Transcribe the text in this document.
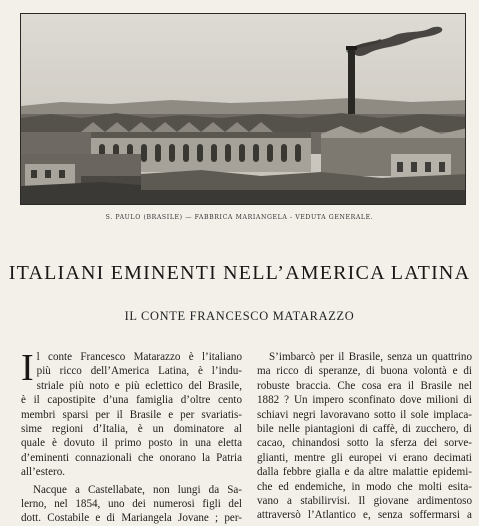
S. PAULO (BRASILE) — FABBRICA MARIANGELA - VEDUTA GENERALE.
ITALIANI EMINENTI NELL’AMERICA LATINA
IL CONTE FRANCESCO MATARAZZO
I l conte Francesco Matarazzo è l’italiano

più ricco dell’America Latina, è l’indu-

striale più noto e più eclettico del Brasile,

è il capostipite d’una famiglia d’oltre cento

membri sparsi per il Brasile e per svariatis-

sime regioni d’Italia, è un dominatore al

quale è dovuto il primo posto in una eletta

d’eminenti connazionali che onorano la Patria

all’estero.

Nacque a Castellabate, non lungi da Sa-

lerno, nel 1854, uno dei numerosi figli del

dott. Costabile e di Mariangela Jovane ; per-

S’imbarcò per il Brasile, senza un quattrino

ma ricco di speranze, di buona volontà e di

robuste braccia. Che cosa era il Brasile nel

1882 ? Un impero sconfinato dove milioni di

schiavi negri lavoravano sotto il sole implaca-

bile nelle piantagioni di caffè, di zucchero, di

cacao, chinandosi sotto la sferza dei sorve-

glianti, mentre gli europei vi erano decimati

dalla febbre gialla e da altre malattie epidemi-

che ed endemiche, in modo che molti esita-

vano a stabilirvisi. Il giovane ardimentoso

attraversò l’Atlantico e, senza soffermarsi a
